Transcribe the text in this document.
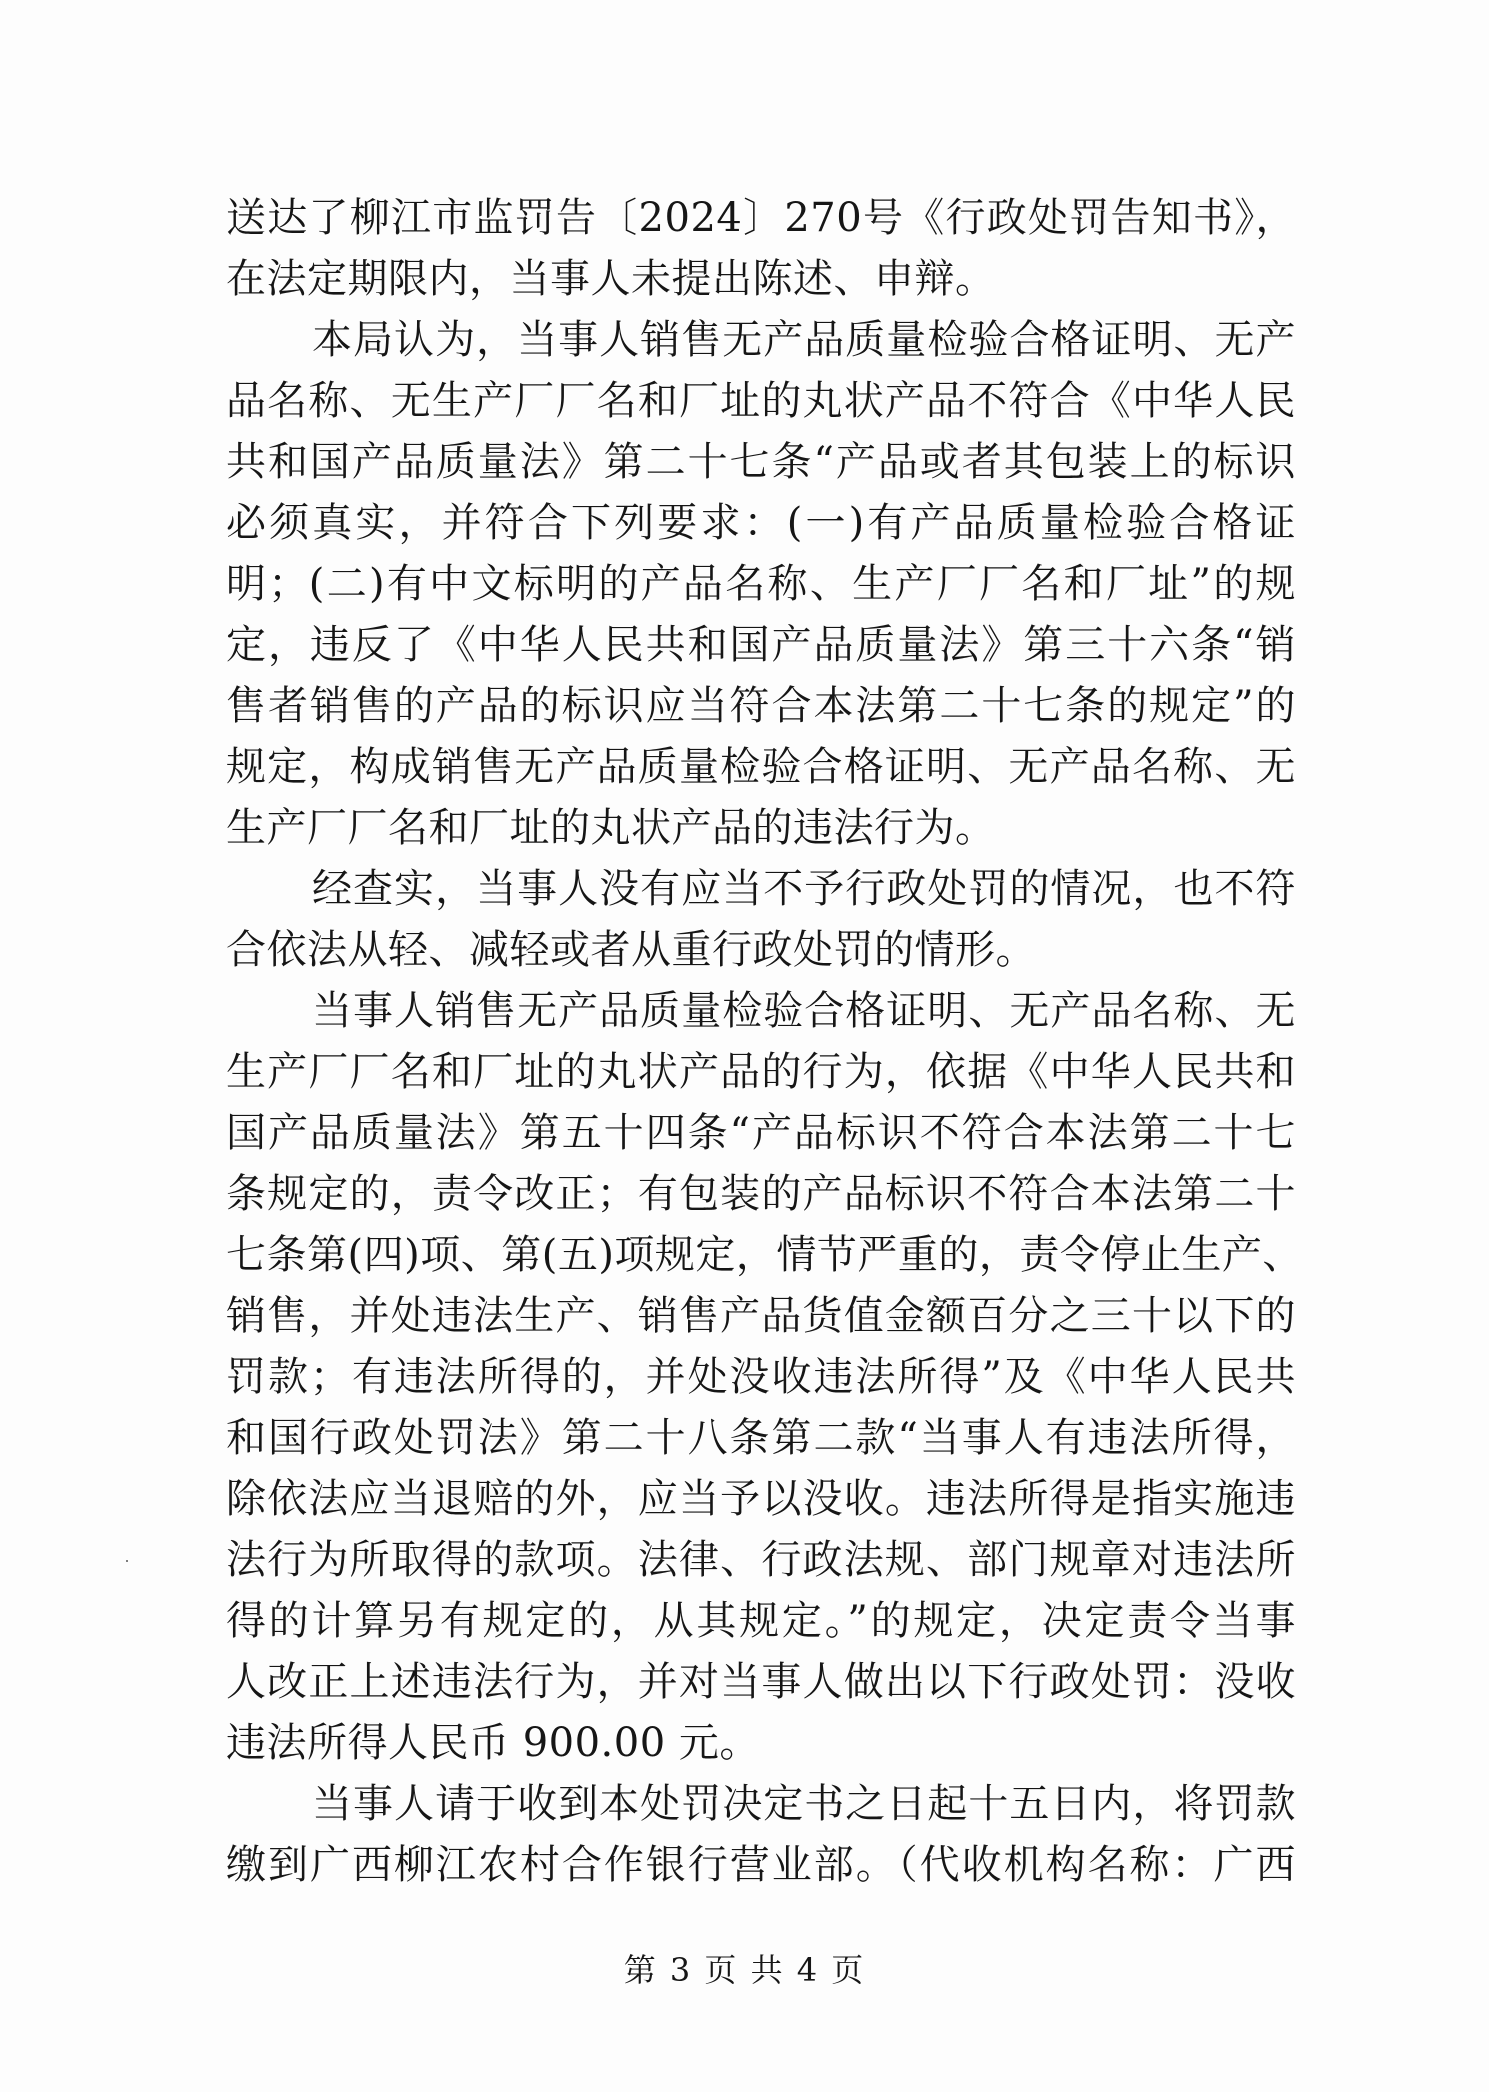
送达了柳江市监罚告〔2024〕270号《行政处罚告知书》，
在法定期限内，当事人未提出陈述、申辩。
本局认为，当事人销售无产品质量检验合格证明、无产
品名称、无生产厂厂名和厂址的丸状产品不符合《中华人民
共和国产品质量法》第二十七条“产品或者其包装上的标识
必须真实，并符合下列要求：(一)有产品质量检验合格证
明；(二)有中文标明的产品名称、生产厂厂名和厂址”的规
定，违反了《中华人民共和国产品质量法》第三十六条“销
售者销售的产品的标识应当符合本法第二十七条的规定”的
规定，构成销售无产品质量检验合格证明、无产品名称、无
生产厂厂名和厂址的丸状产品的违法行为。
经查实，当事人没有应当不予行政处罚的情况，也不符
合依法从轻、减轻或者从重行政处罚的情形。
当事人销售无产品质量检验合格证明、无产品名称、无
生产厂厂名和厂址的丸状产品的行为，依据《中华人民共和
国产品质量法》第五十四条“产品标识不符合本法第二十七
条规定的，责令改正；有包装的产品标识不符合本法第二十
七条第(四)项、第(五)项规定，情节严重的，责令停止生产、
销售，并处违法生产、销售产品货值金额百分之三十以下的
罚款；有违法所得的，并处没收违法所得”及《中华人民共
和国行政处罚法》第二十八条第二款“当事人有违法所得，
除依法应当退赔的外，应当予以没收。违法所得是指实施违
法行为所取得的款项。法律、行政法规、部门规章对违法所
得的计算另有规定的，从其规定。”的规定，决定责令当事
人改正上述违法行为，并对当事人做出以下行政处罚：没收
违法所得人民币 900.00 元。
当事人请于收到本处罚决定书之日起十五日内，将罚款
缴到广西柳江农村合作银行营业部。（代收机构名称：广西
第 3 页 共 4 页
